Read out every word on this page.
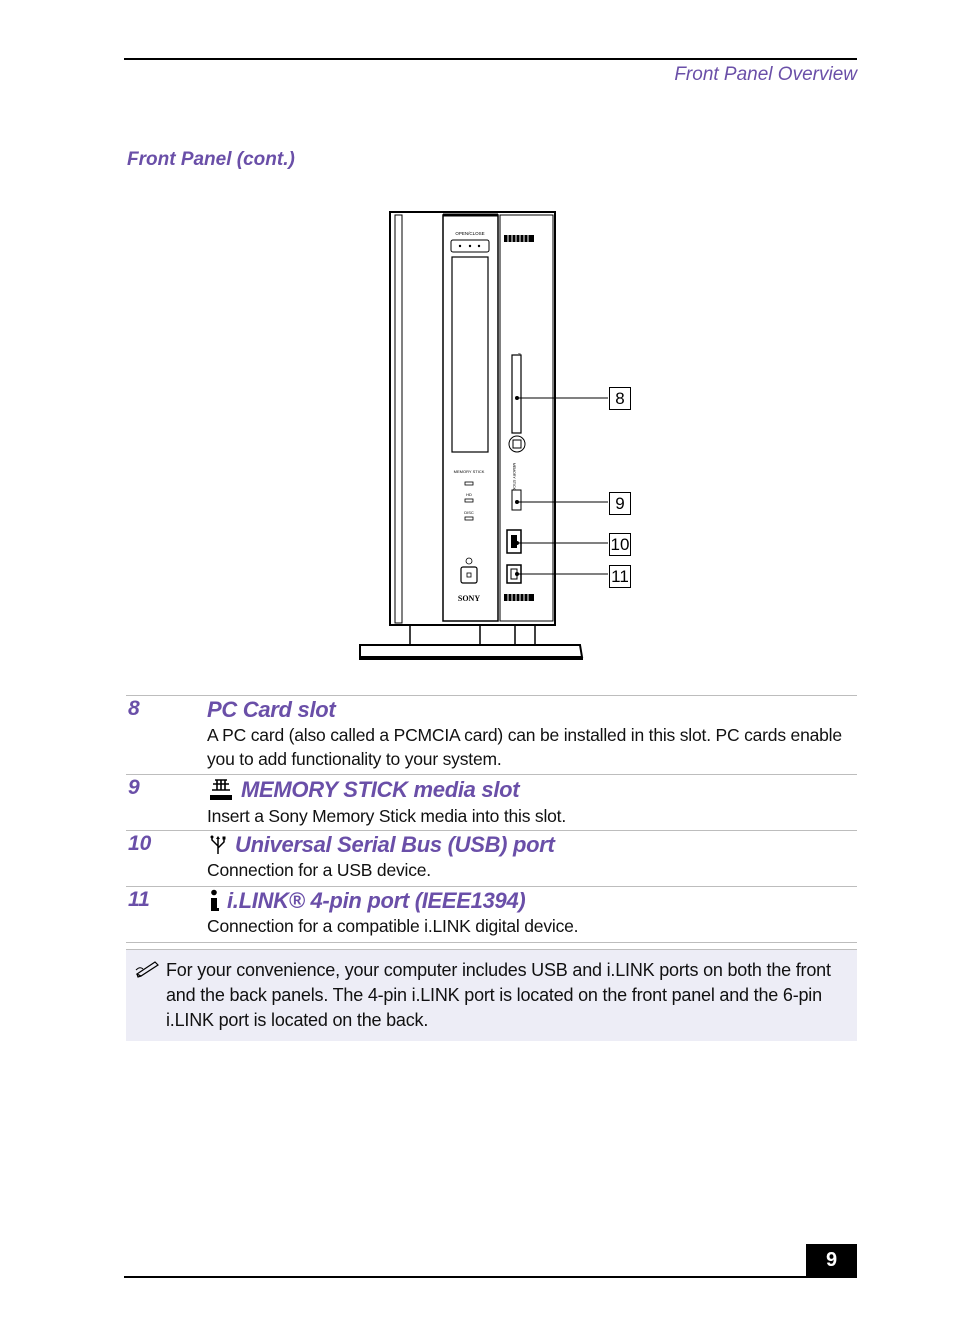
Front Panel Overview
Front Panel (cont.)
OPEN/CLOSE
MEMORY STICK
HD
DISC
SONY
MEMORY STICK
8
9
10
11
8	PC Card slot
A PC card (also called a PCMCIA card) can be installed in this slot. PC cards enable you to add functionality to your system.
9	MEMORY STICK media slot
Insert a Sony Memory Stick media into this slot.
10	Universal Serial Bus (USB) port
Connection for a USB device.
11	i.LINK® 4-pin port (IEEE1394)
Connection for a compatible i.LINK digital device.
For your convenience, your computer includes USB and i.LINK ports on both the front and the back panels. The 4-pin i.LINK port is located on the front panel and the 6-pin i.LINK port is located on the back.
9
